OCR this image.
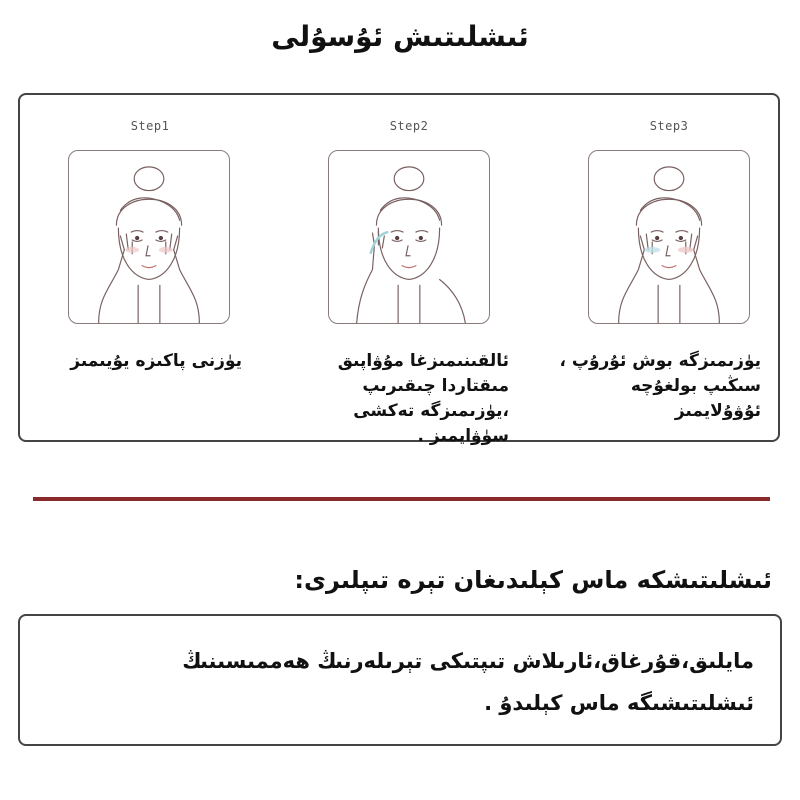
ئىشلىتىش ئۇسۇلى
Step1
يۈزنى پاكىزە يۇيىمىز
Step2
ئالقىنىمىزغا مۇۋاپىق مىقتاردا چىقىرىپ ،يۈزىمىزگە تەكشى سۈۋايمىز .
Step3
يۈزىمىزگە بوش ئۇرۇپ ، سىڭىپ بولغۇچە ئۇۋۇلايمىز
ئىشلىتىشكە ماس كېلىدىغان تېرە تىپلىرى:
مايلىق،قۇرغاق،ئارىلاش تىپتىكى تېرىلەرنىڭ ھەممىسىنىڭ ئىشلىتىشىگە ماس كېلىدۇ .
